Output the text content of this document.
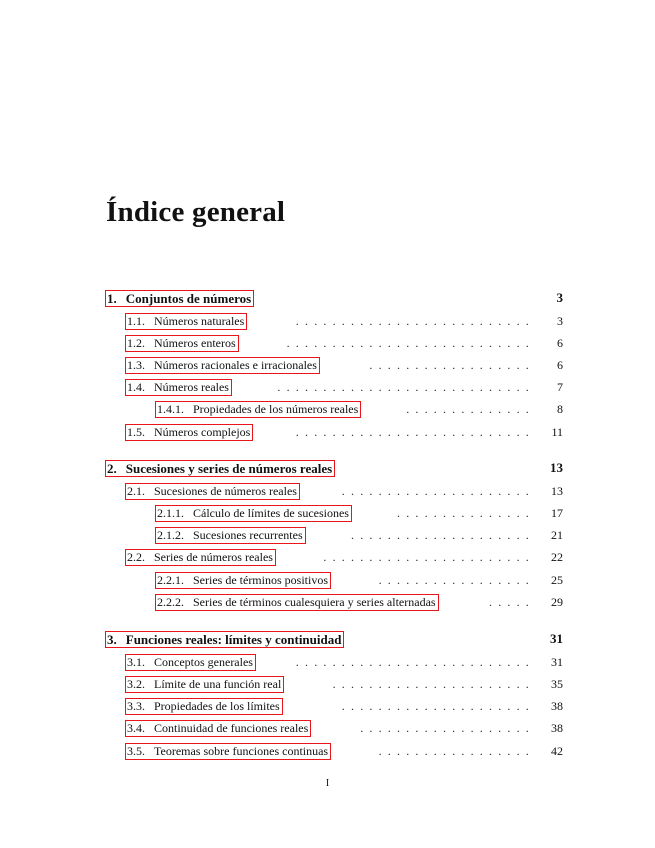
Índice general
1. Conjuntos de números	3
1.1. Números naturales	..........................	3
1.2. Números enteros	...........................	6
1.3. Números racionales e irracionales	..................	6
1.4. Números reales	............................	7
1.4.1. Propiedades de los números reales	..............	8
1.5. Números complejos	..........................	11
2. Sucesiones y series de números reales	13
2.1. Sucesiones de números reales	.....................	13
2.1.1. Cálculo de límites de sucesiones	...............	17
2.1.2. Sucesiones recurrentes	....................	21
2.2. Series de números reales	.......................	22
2.2.1. Series de términos positivos	.................	25
2.2.2. Series de términos cualesquiera y series alternadas	.....	29
3. Funciones reales: límites y continuidad	31
3.1. Conceptos generales	..........................	31
3.2. Límite de una función real	......................	35
3.3. Propiedades de los límites	.....................	38
3.4. Continuidad de funciones reales	...................	38
3.5. Teoremas sobre funciones continuas	.................	42
I
